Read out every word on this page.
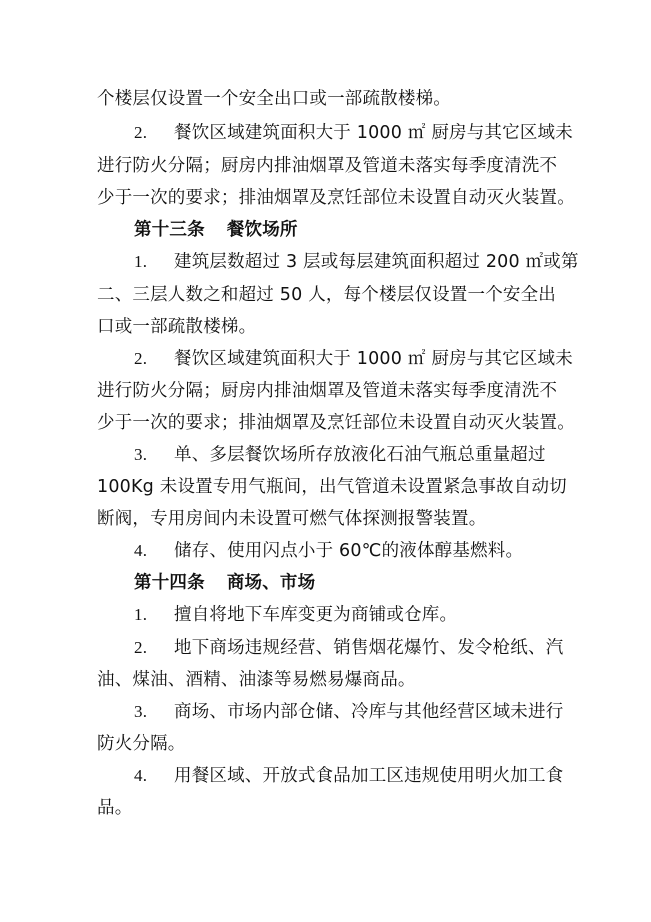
个楼层仅设置一个安全出口或一部疏散楼梯。
2. 餐饮区域建筑面积大于 1000 ㎡ 厨房与其它区域未
进行防火分隔；厨房内排油烟罩及管道未落实每季度清洗不
少于一次的要求；排油烟罩及烹饪部位未设置自动灭火装置。
第十三条 餐饮场所
1. 建筑层数超过 3 层或每层建筑面积超过 200 ㎡或第
二、三层人数之和超过 50 人，每个楼层仅设置一个安全出
口或一部疏散楼梯。
2. 餐饮区域建筑面积大于 1000 ㎡ 厨房与其它区域未
进行防火分隔；厨房内排油烟罩及管道未落实每季度清洗不
少于一次的要求；排油烟罩及烹饪部位未设置自动灭火装置。
3. 单、多层餐饮场所存放液化石油气瓶总重量超过
100Kg 未设置专用气瓶间，出气管道未设置紧急事故自动切
断阀，专用房间内未设置可燃气体探测报警装置。
4. 储存、使用闪点小于 60℃的液体醇基燃料。
第十四条 商场、市场
1. 擅自将地下车库变更为商铺或仓库。
2. 地下商场违规经营、销售烟花爆竹、发令枪纸、汽
油、煤油、酒精、油漆等易燃易爆商品。
3. 商场、市场内部仓储、冷库与其他经营区域未进行
防火分隔。
4. 用餐区域、开放式食品加工区违规使用明火加工食
品。
